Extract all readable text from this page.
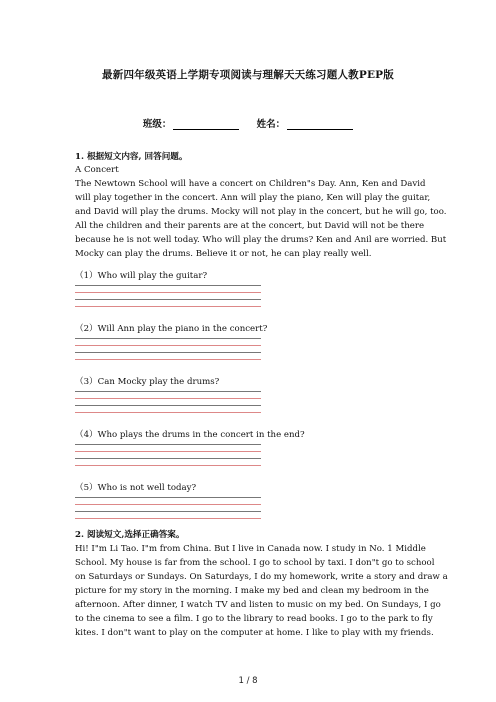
最新四年级英语上学期专项阅读与理解天天练习题人教PEP版
班级：	姓名：
1. 根据短文内容, 回答问题。
A Concert
The Newtown School will have a concert on Children"s Day. Ann, Ken and David
will play together in the concert. Ann will play the piano, Ken will play the guitar,
and David will play the drums. Mocky will not play in the concert, but he will go, too.
All the children and their parents are at the concert, but David will not be there
because he is not well today. Who will play the drums? Ken and Anil are worried. But
Mocky can play the drums. Believe it or not, he can play really well.
（1）Who will play the guitar?
（2）Will Ann play the piano in the concert?
（3）Can Mocky play the drums?
（4）Who plays the drums in the concert in the end?
（5）Who is not well today?
2. 阅读短文,选择正确答案。
Hi! I"m Li Tao. I"m from China. But I live in Canada now. I study in No. 1 Middle
School. My house is far from the school. I go to school by taxi. I don"t go to school
on Saturdays or Sundays. On Saturdays, I do my homework, write a story and draw a
picture for my story in the morning. I make my bed and clean my bedroom in the
afternoon. After dinner, I watch TV and listen to music on my bed. On Sundays, I go
to the cinema to see a film. I go to the library to read books. I go to the park to fly
kites. I don"t want to play on the computer at home. I like to play with my friends.
1 / 8
